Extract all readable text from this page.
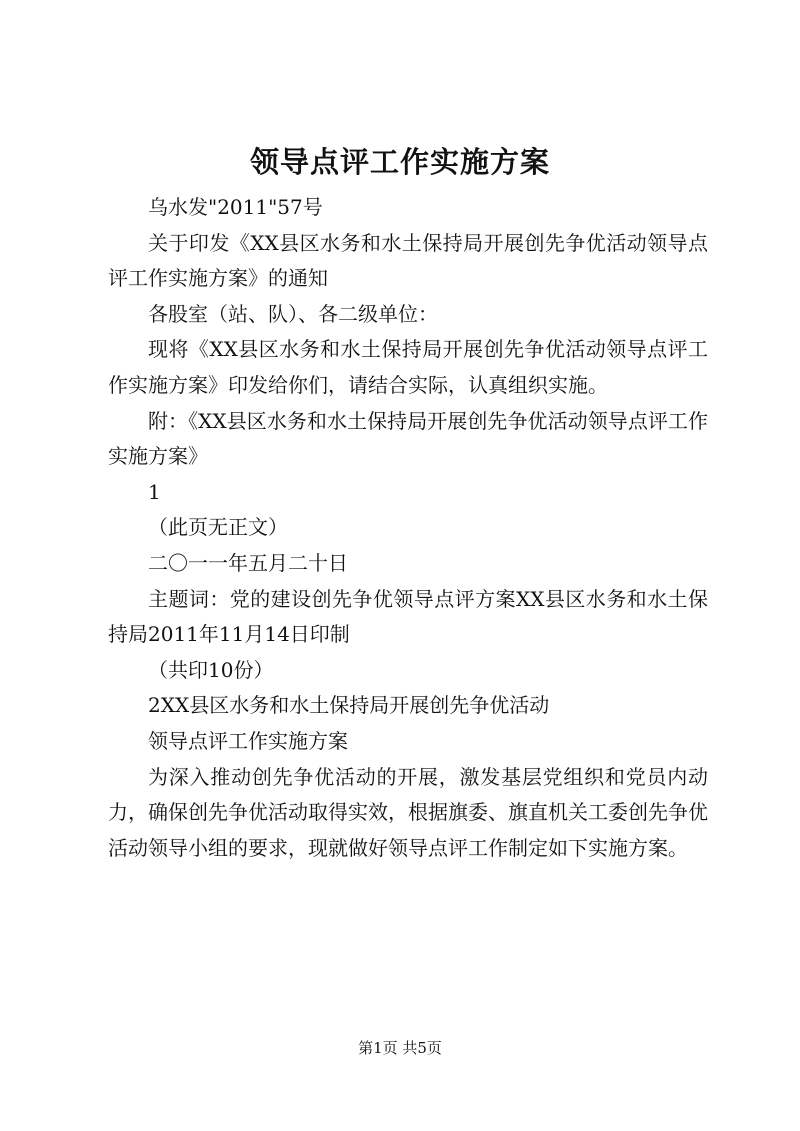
领导点评工作实施方案

乌水发"2011"57号

关于印发《XX县区水务和水土保持局开展创先争优活动领导点评工作实施方案》的通知

各股室（站、队）、各二级单位：

现将《XX县区水务和水土保持局开展创先争优活动领导点评工作实施方案》印发给你们，请结合实际，认真组织实施。

附：《XX县区水务和水土保持局开展创先争优活动领导点评工作实施方案》

1

（此页无正文）

二〇一一年五月二十日

主题词：党的建设创先争优领导点评方案XX县区水务和水土保持局2011年11月14日印制

（共印10份）

2XX县区水务和水土保持局开展创先争优活动

领导点评工作实施方案

为深入推动创先争优活动的开展，激发基层党组织和党员内动力，确保创先争优活动取得实效，根据旗委、旗直机关工委创先争优活动领导小组的要求，现就做好领导点评工作制定如下实施方案。

第1页 共5页
